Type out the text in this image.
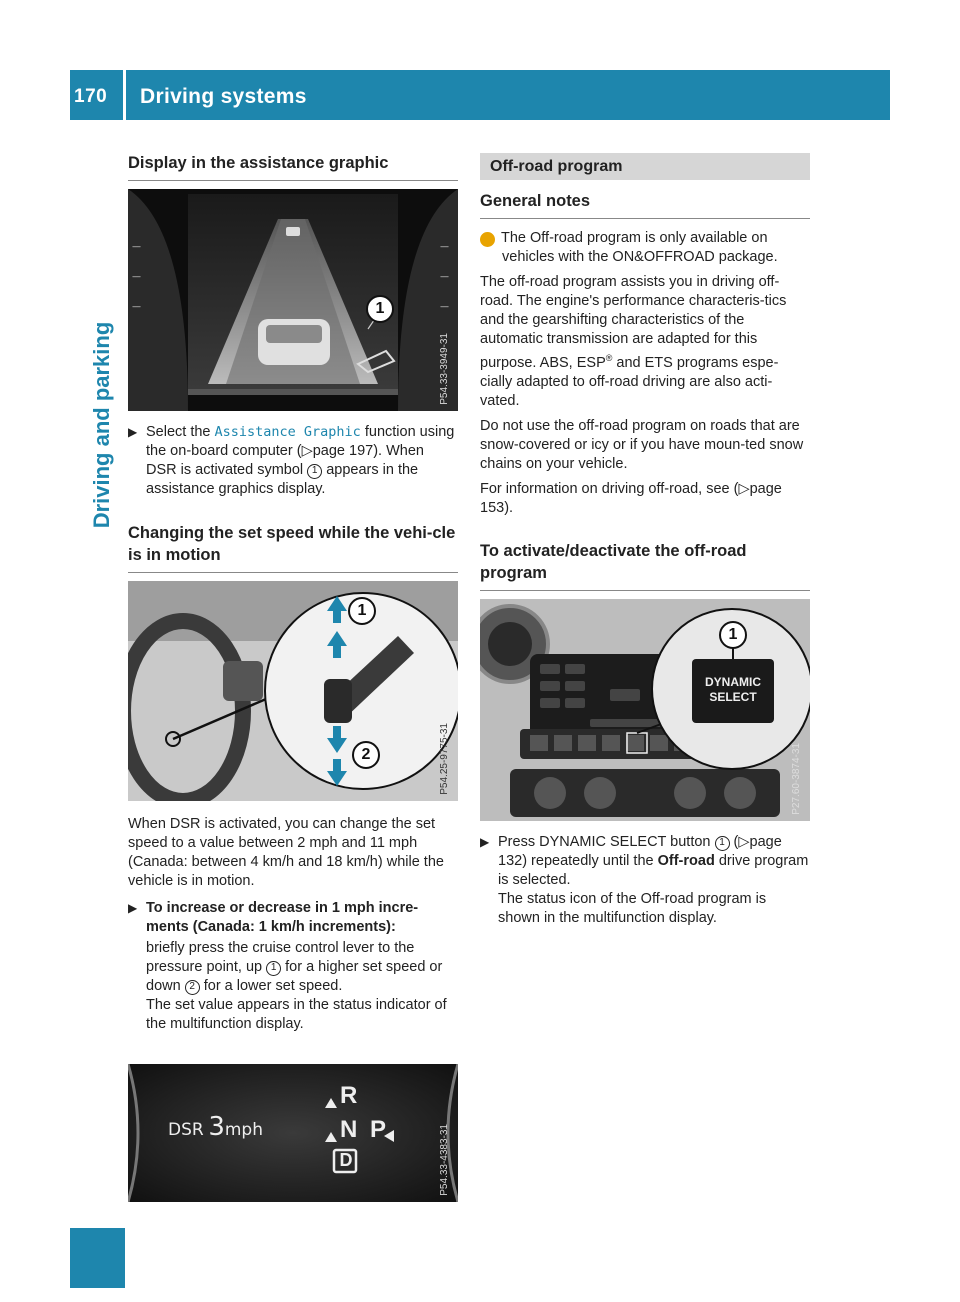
170	Driving systems
Driving and parking
Display in the assistance graphic
—
—
—
—
—
—
1
P54.33-3949-31
▶ Select the Assistance Graphic function using the on-board computer (▷page 197). When DSR is activated symbol 1 appears in the assistance graphics display.

Changing the set speed while the vehi-cle is in motion
1
2	P54.25-9775-31

When DSR is activated, you can change the set speed to a value between 2 mph and 11 mph (Canada: between 4 km/h and 18 km/h) while the vehicle is in motion.

▶ To increase or decrease in 1 mph incre-ments (Canada: 1 km/h increments):

briefly press the cruise control lever to the pressure point, up 1 for a higher set speed or down 2 for a lower set speed.

The set value appears in the status indicator of the multifunction display.

DSR 3mph
R
N P
D	P54.33-4383-31
Off-road program
General notes

i The Off-road program is only available on vehicles with the ON&OFFROAD package.

The off-road program assists you in driving off-road. The engine's performance characteris-tics and the gearshifting characteristics of the automatic transmission are adapted for this purpose. ABS, ESP® and ETS programs espe-cially adapted to off-road driving are also acti-vated.

Do not use the off-road program on roads that are snow-covered or icy or if you have moun-ted snow chains on your vehicle.

For information on driving off-road, see (▷page 153).

To activate/deactivate the off-road program
1
DYNAMIC
SELECT
P27.60-3874-31
▶ Press DYNAMIC SELECT button 1 (▷page 132) repeatedly until the Off-road drive program is selected.

The status icon of the Off-road program is shown in the multifunction display.
